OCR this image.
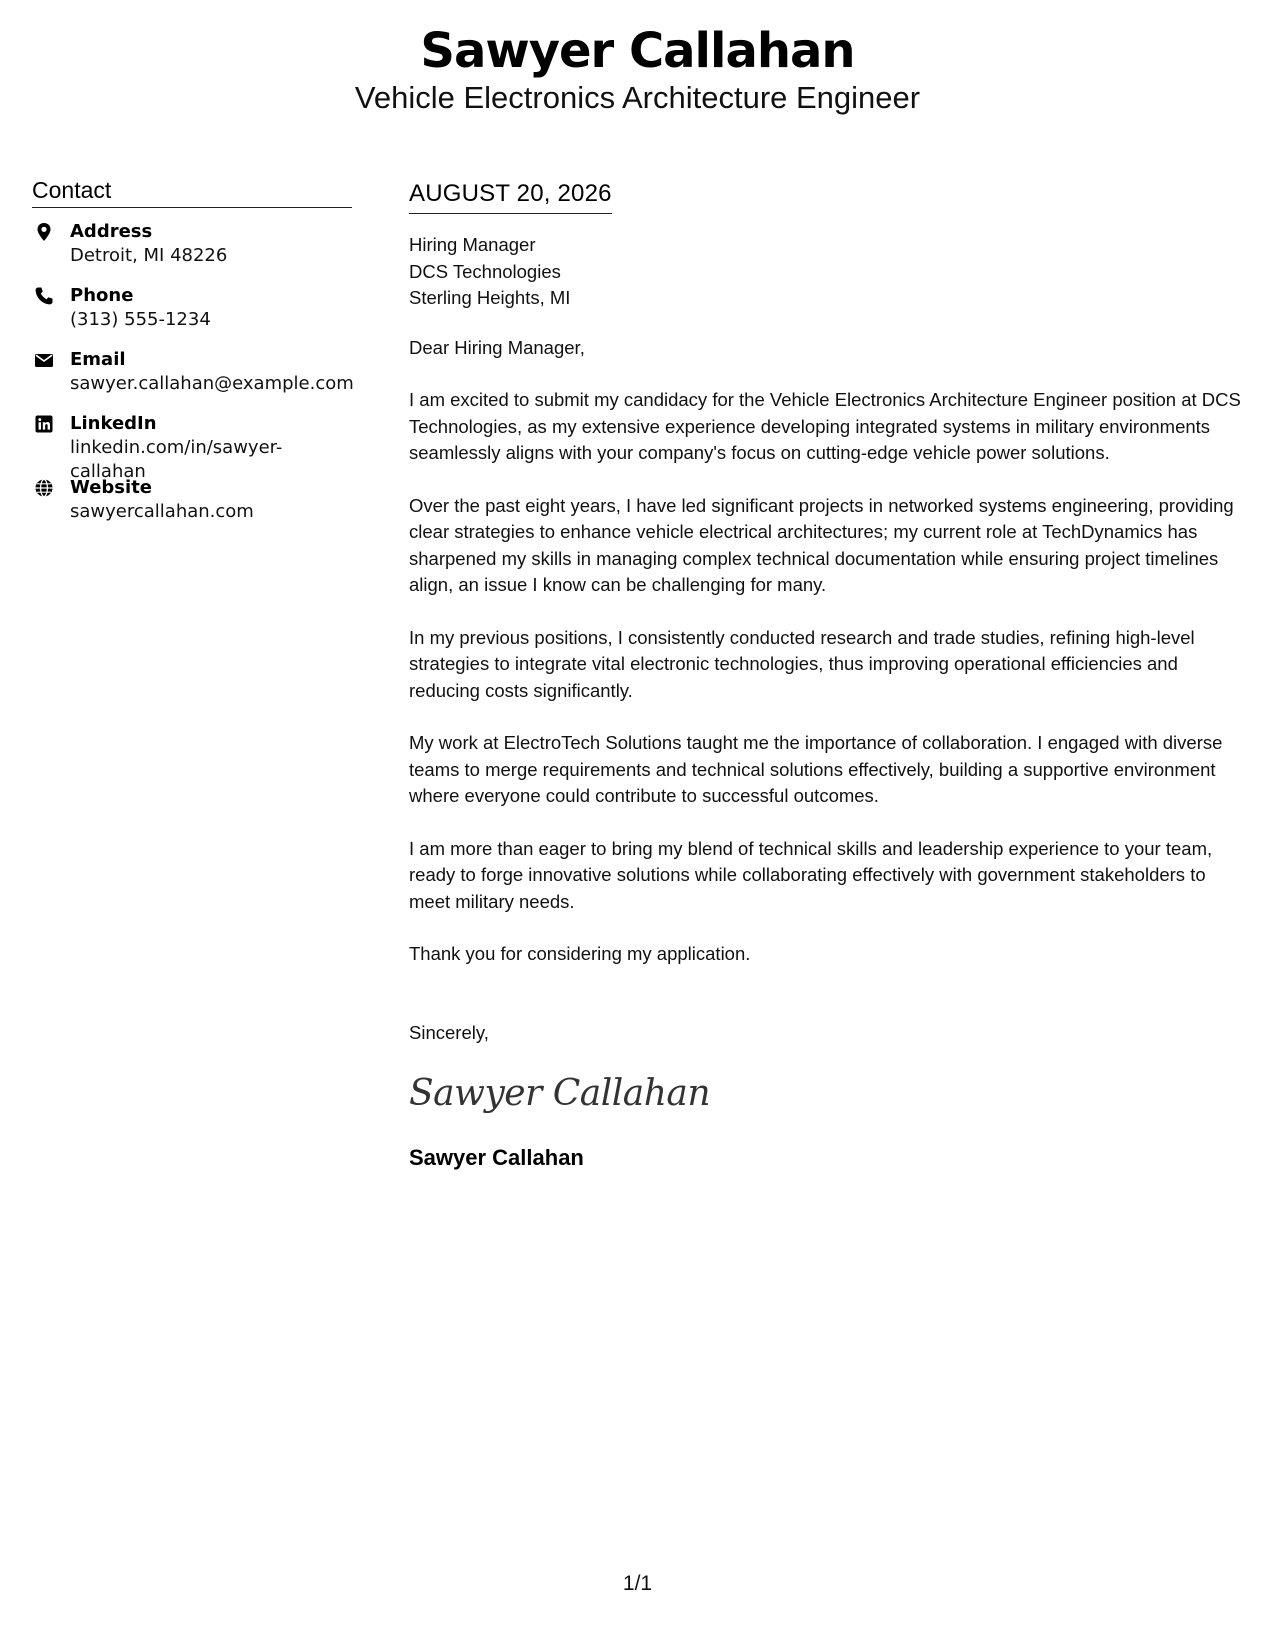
Sawyer Callahan
Vehicle Electronics Architecture Engineer
Contact
Address
Detroit, MI 48226
Phone
(313) 555-1234
Email
sawyer.callahan@example.com
LinkedIn
linkedin.com/in/sawyer-callahan
Website
sawyercallahan.com
AUGUST 20, 2026
Hiring Manager
DCS Technologies
Sterling Heights, MI
Dear Hiring Manager,

I am excited to submit my candidacy for the Vehicle Electronics Architecture Engineer position at DCS Technologies, as my extensive experience developing integrated systems in military environments seamlessly aligns with your company's focus on cutting-edge vehicle power solutions.

Over the past eight years, I have led significant projects in networked systems engineering, providing clear strategies to enhance vehicle electrical architectures; my current role at TechDynamics has sharpened my skills in managing complex technical documentation while ensuring project timelines align, an issue I know can be challenging for many.

In my previous positions, I consistently conducted research and trade studies, refining high-level strategies to integrate vital electronic technologies, thus improving operational efficiencies and reducing costs significantly.

My work at ElectroTech Solutions taught me the importance of collaboration. I engaged with diverse teams to merge requirements and technical solutions effectively, building a supportive environment where everyone could contribute to successful outcomes.

I am more than eager to bring my blend of technical skills and leadership experience to your team, ready to forge innovative solutions while collaborating effectively with government stakeholders to meet military needs.

Thank you for considering my application.

Sincerely,
Sawyer Callahan
Sawyer Callahan
1/1
